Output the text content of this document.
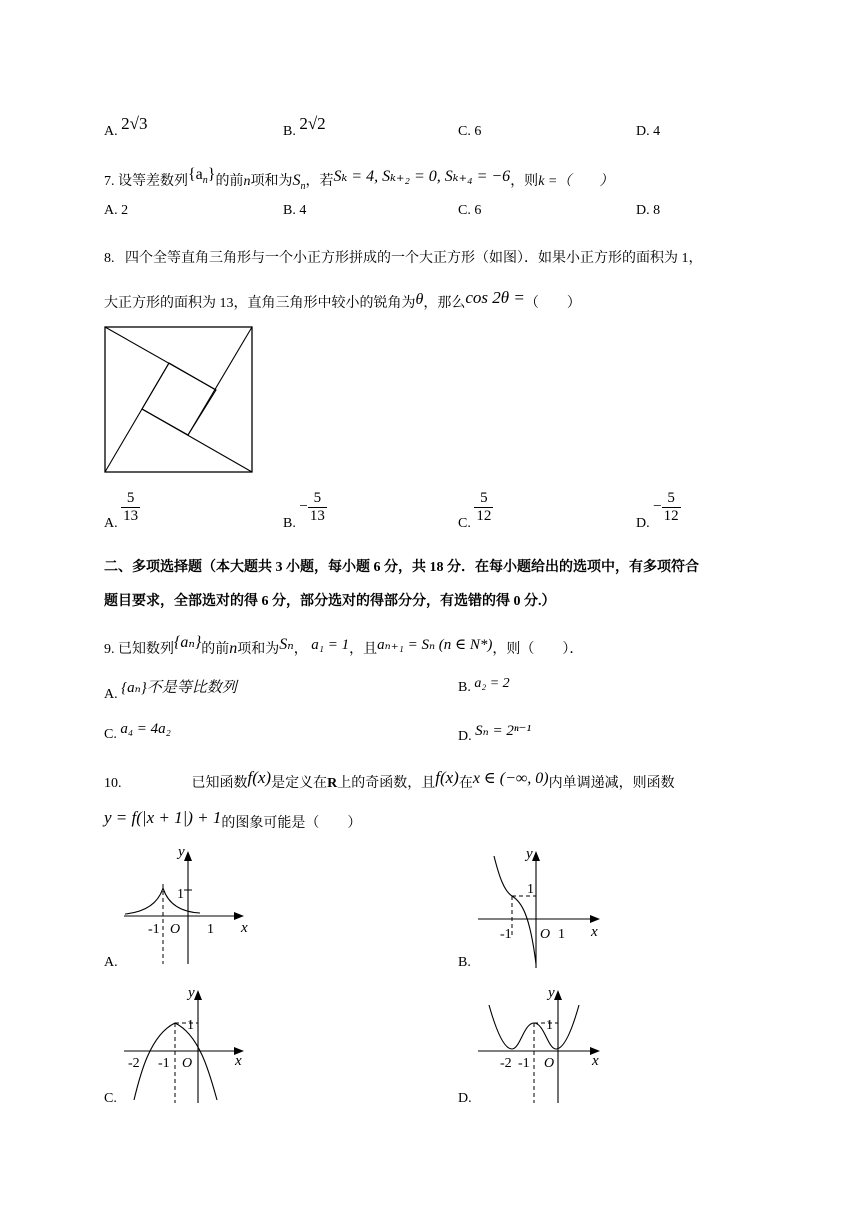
A. 2√3	B. 2√2	C. 6	D. 4
7. 设等差数列$\{a_n\}$的前n项和为$S_n$，若Sₖ = 4, Sₖ₊₂ = 0, Sₖ₊₄ = −6，则k =（　　）
A. 2	B. 4	C. 6	D. 8
8. 四个全等直角三角形与一个小正方形拼成的一个大正方形（如图）．如果小正方形的面积为 1，
大正方形的面积为 13，直角三角形中较小的锐角为θ，那么cos 2θ =（　　）
A. $\frac{5}{13}$	B. − $\frac{5}{13}$	C. $\frac{5}{12}$	D. − $\frac{5}{12}$
二、多项选择题（本大题共 3 小题，每小题 6 分，共 18 分．在每小题给出的选项中，有多项符合
题目要求，全部选对的得 6 分，部分选对的得部分分，有选错的得 0 分.）
9. 已知数列{aₙ}的前n项和为Sₙ， a₁ = 1，且aₙ₊₁ = Sₙ (n ∈ N*)，则（　　）．
A. {aₙ}不是等比数列	B. a₂ = 2
C. a₄ = 4a₂	D. Sₙ = 2ⁿ⁻¹
10.	已知函数f(x)是定义在R上的奇函数，且f(x)在x ∈ (−∞, 0)内单调递减，则函数
y = f(|x + 1|) + 1的图象可能是（　　）
y
x
O
-1	1
1
A.
y
x
O
-1	1
1
B.
y
x
O
-2 -1
1
C.
y
x
O
-2 -1
1
D.
